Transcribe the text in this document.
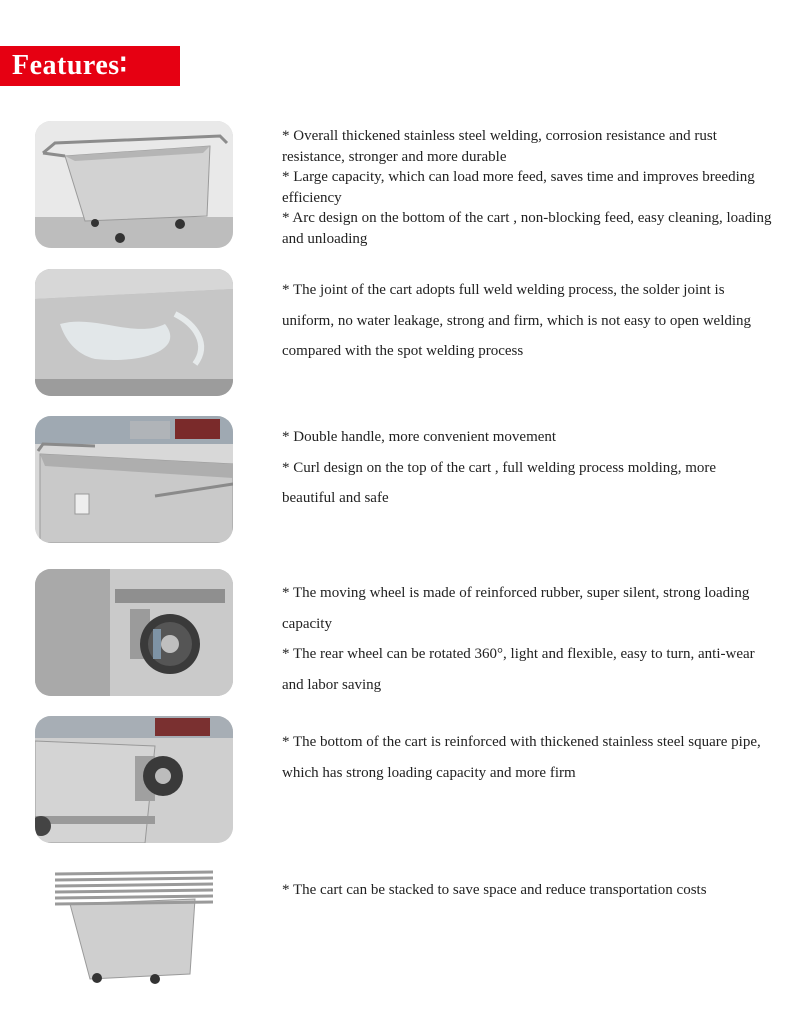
Features∶

* Overall thickened stainless steel welding, corrosion resistance and rust resistance, stronger and more durable

* Large capacity, which can load more feed, saves time and improves breeding efficiency

* Arc design on the bottom of the cart , non-blocking feed, easy cleaning, loading and unloading

* The joint of the cart adopts full weld welding process, the solder joint is uniform, no water leakage, strong and firm, which is not easy to open welding compared with the spot welding process

* Double handle, more convenient movement

* Curl design on the top of the cart , full welding process molding, more beautiful and safe

* The moving wheel is made of reinforced rubber, super silent, strong loading capacity

* The rear wheel can be rotated 360°, light and flexible, easy to turn, anti-wear and labor saving

* The bottom of the cart is reinforced with thickened stainless steel square pipe, which has strong loading capacity and more firm

* The cart can be stacked to save space and reduce transportation costs
